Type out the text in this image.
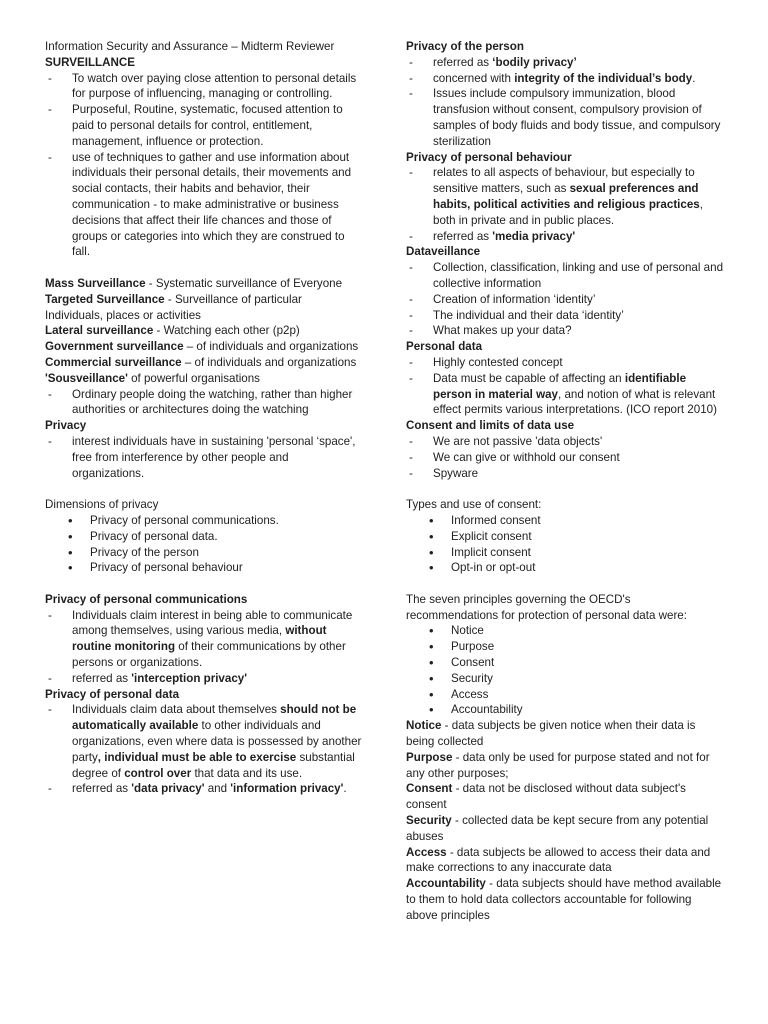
Information Security and Assurance – Midterm Reviewer

SURVEILLANCE

- To watch over paying close attention to personal details for purpose of influencing, managing or controlling.

- Purposeful, Routine, systematic, focused attention to paid to personal details for control, entitlement, management, influence or protection.

- use of techniques to gather and use information about individuals their personal details, their movements and social contacts, their habits and behavior, their communication - to make administrative or business decisions that affect their life chances and those of groups or categories into which they are construed to fall.

Mass Surveillance - Systematic surveillance of Everyone

Targeted Surveillance - Surveillance of particular Individuals, places or activities

Lateral surveillance - Watching each other (p2p)

Government surveillance – of individuals and organizations

Commercial surveillance – of individuals and organizations

'Sousveillance' of powerful organisations

- Ordinary people doing the watching, rather than higher authorities or architectures doing the watching

Privacy

- interest individuals have in sustaining 'personal ‘space', free from interference by other people and organizations.

Dimensions of privacy

• Privacy of personal communications.

• Privacy of personal data.

• Privacy of the person

• Privacy of personal behaviour

Privacy of personal communications

- Individuals claim interest in being able to communicate among themselves, using various media, without routine monitoring of their communications by other persons or organizations.

- referred as 'interception privacy'

Privacy of personal data

- Individuals claim data about themselves should not be automatically available to other individuals and organizations, even where data is possessed by another party, individual must be able to exercise substantial degree of control over that data and its use.

- referred as 'data privacy' and 'information privacy'.

Privacy of the person

- referred as ‘bodily privacy’

- concerned with integrity of the individual’s body.

- Issues include compulsory immunization, blood transfusion without consent, compulsory provision of samples of body fluids and body tissue, and compulsory sterilization

Privacy of personal behaviour

- relates to all aspects of behaviour, but especially to sensitive matters, such as sexual preferences and habits, political activities and religious practices, both in private and in public places.

- referred as 'media privacy'

Dataveillance

- Collection, classification, linking and use of personal and collective information

- Creation of information ‘identity’

- The individual and their data ‘identity’

- What makes up your data?

Personal data

- Highly contested concept

- Data must be capable of affecting an identifiable person in material way, and notion of what is relevant effect permits various interpretations. (ICO report 2010)

Consent and limits of data use

- We are not passive 'data objects'

- We can give or withhold our consent

- Spyware

Types and use of consent:

• Informed consent

• Explicit consent

• Implicit consent

• Opt-in or opt-out

The seven principles governing the OECD's recommendations for protection of personal data were:

• Notice

• Purpose

• Consent

• Security

• Access

• Accountability

Notice - data subjects be given notice when their data is being collected

Purpose - data only be used for purpose stated and not for any other purposes;

Consent - data not be disclosed without data subject's consent

Security - collected data be kept secure from any potential abuses

Access - data subjects be allowed to access their data and make corrections to any inaccurate data

Accountability - data subjects should have method available to them to hold data collectors accountable for following above principles
